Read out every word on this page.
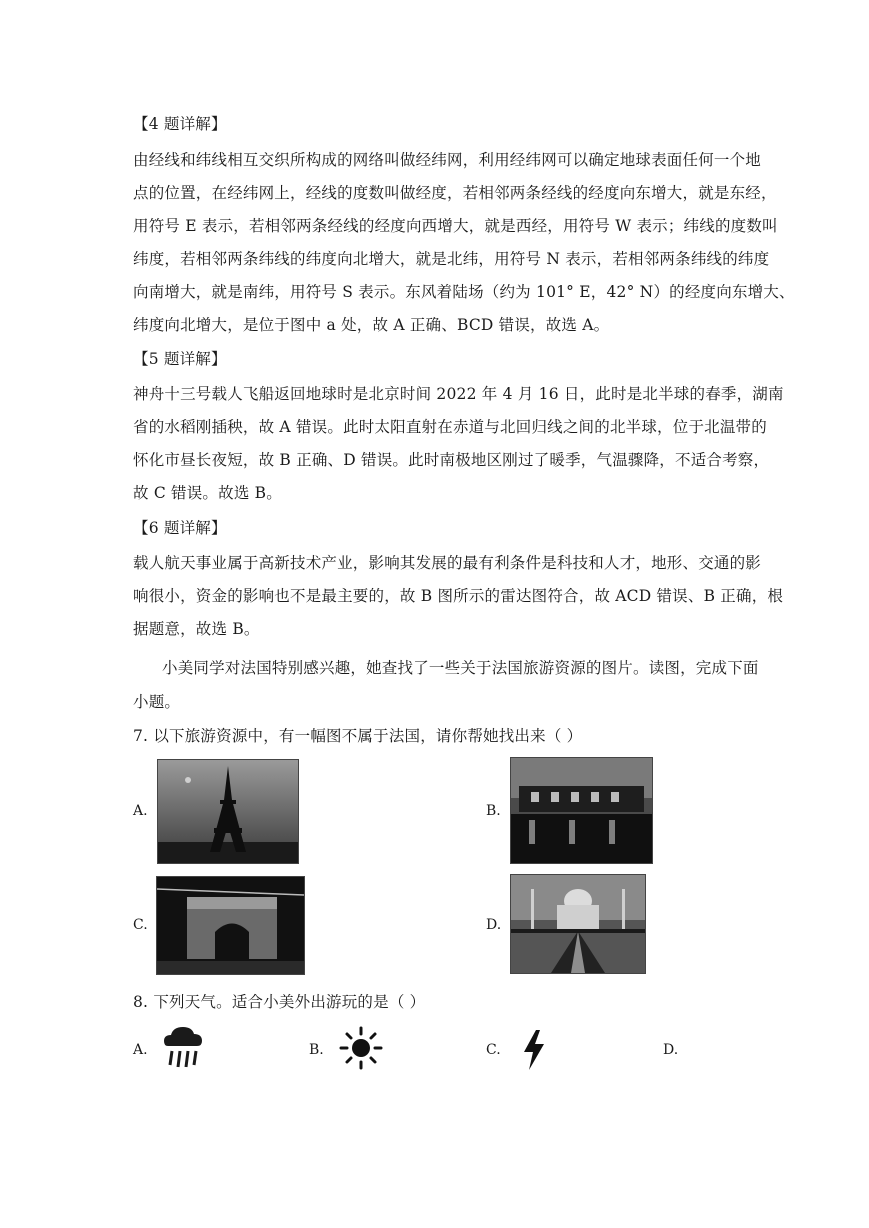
【4 题详解】
由经线和纬线相互交织所构成的网络叫做经纬网，利用经纬网可以确定地球表面任何一个地
点的位置，在经纬网上，经线的度数叫做经度，若相邻两条经线的经度向东增大，就是东经，
用符号 E 表示，若相邻两条经线的经度向西增大，就是西经，用符号 W 表示；纬线的度数叫
纬度，若相邻两条纬线的纬度向北增大，就是北纬，用符号 N 表示，若相邻两条纬线的纬度
向南增大，就是南纬，用符号 S 表示。东风着陆场（约为 101° E，42° N）的经度向东增大、
纬度向北增大，是位于图中 a 处，故 A 正确、BCD 错误，故选 A。
【5 题详解】
神舟十三号载人飞船返回地球时是北京时间 2022 年 4 月 16 日，此时是北半球的春季，湖南
省的水稻刚插秧，故 A 错误。此时太阳直射在赤道与北回归线之间的北半球，位于北温带的
怀化市昼长夜短，故 B 正确、D 错误。此时南极地区刚过了暖季，气温骤降，不适合考察，
故 C 错误。故选 B。
【6 题详解】
载人航天事业属于高新技术产业，影响其发展的最有利条件是科技和人才，地形、交通的影
响很小，资金的影响也不是最主要的，故 B 图所示的雷达图符合，故 ACD 错误、B 正确，根
据题意，故选 B。
小美同学对法国特别感兴趣，她查找了一些关于法国旅游资源的图片。读图，完成下面
小题。
7. 以下旅游资源中，有一幅图不属于法国，请你帮她找出来（ ）
A.	B.
C.	D.
8. 下列天气。适合小美外出游玩的是（ ）
A.	B.	C.	D.
